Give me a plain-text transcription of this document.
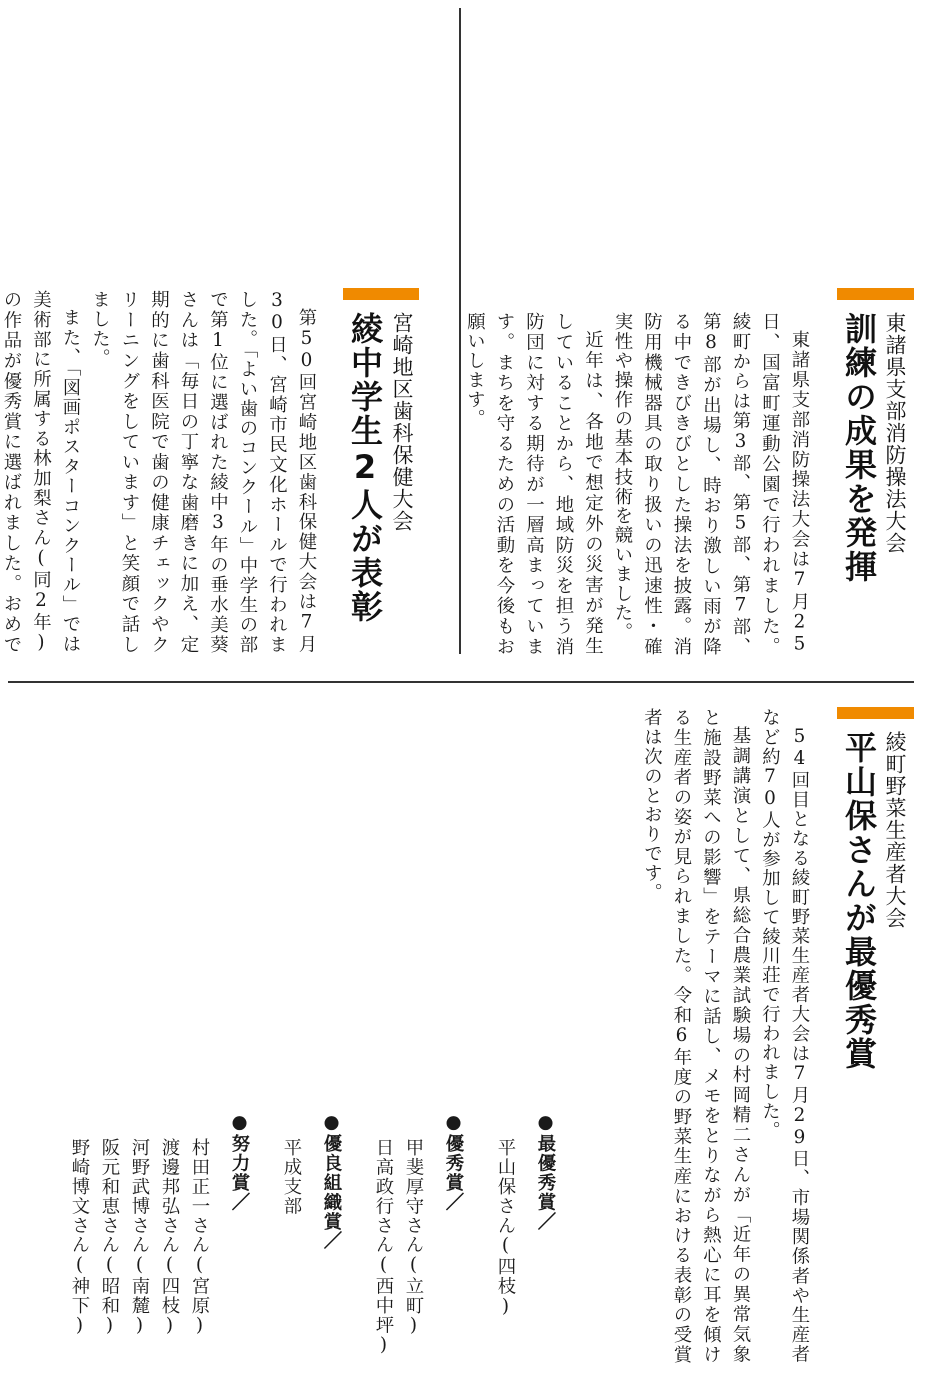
東諸県支部消防操法大会
訓練の成果を発揮

東諸県支部消防操法大会は7月25日、国富町運動公園で行われました。綾町からは第3部、第5部、第7部、第8部が出場し、時おり激しい雨が降る中できびきびとした操法を披露。消防用機械器具の取り扱いの迅速性・確実性や操作の基本技術を競いました。

近年は、各地で想定外の災害が発生していることから、地域防災を担う消防団に対する期待が一層高まっています。まちを守るための活動を今後もお願いします。

宮崎地区歯科保健大会
綾中学生2人が表彰

第50回宮崎地区歯科保健大会は7月30日、宮崎市民文化ホールで行われました。「よい歯のコンクール」中学生の部で第1位に選ばれた綾中3年の垂水美葵さんは「毎日の丁寧な歯磨きに加え、定期的に歯科医院で歯の健康チェックやクリーニングをしています」と笑顔で話しました。

また、「図画ポスターコンクール」では美術部に所属する林加梨さん(同2年)の作品が優秀賞に選ばれました。おめで

綾町野菜生産者大会
平山保さんが最優秀賞

54回目となる綾町野菜生産者大会は7月29日、市場関係者や生産者など約70人が参加して綾川荘で行われました。

基調講演として、県総合農業試験場の村岡精二さんが「近年の異常気象と施設野菜への影響」をテーマに話し、メモをとりながら熱心に耳を傾ける生産者の姿が見られました。令和6年度の野菜生産における表彰の受賞者は次のとおりです。

●最優秀賞／
平山保さん(四枝)
●優秀賞／
甲斐厚守さん(立町)
日高政行さん(西中坪)
●優良組織賞／
平成支部
●努力賞／
村田正一さん(宮原)
渡邊邦弘さん(四枝)
河野武博さん(南麓)
阪元和恵さん(昭和)
野崎博文さん(神下)
